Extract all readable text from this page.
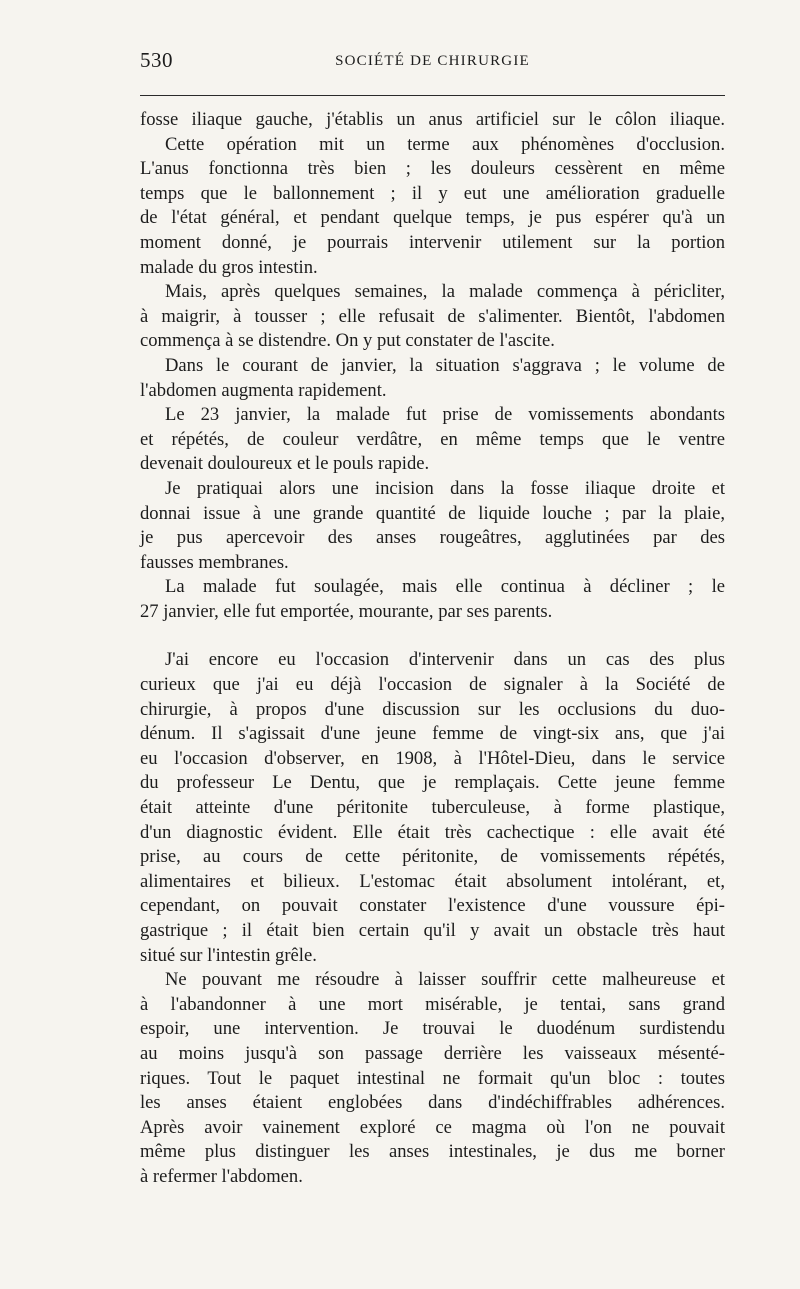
530	SOCIÉTÉ DE CHIRURGIE
fosse iliaque gauche, j'établis un anus artificiel sur le côlon iliaque.
Cette opération mit un terme aux phénomènes d'occlusion.
L'anus fonctionna très bien ; les douleurs cessèrent en même
temps que le ballonnement ; il y eut une amélioration graduelle
de l'état général, et pendant quelque temps, je pus espérer qu'à un
moment donné, je pourrais intervenir utilement sur la portion
malade du gros intestin.
Mais, après quelques semaines, la malade commença à péricliter,
à maigrir, à tousser ; elle refusait de s'alimenter. Bientôt, l'abdomen
commença à se distendre. On y put constater de l'ascite.
Dans le courant de janvier, la situation s'aggrava ; le volume de
l'abdomen augmenta rapidement.
Le 23 janvier, la malade fut prise de vomissements abondants
et répétés, de couleur verdâtre, en même temps que le ventre
devenait douloureux et le pouls rapide.
Je pratiquai alors une incision dans la fosse iliaque droite et
donnai issue à une grande quantité de liquide louche ; par la plaie,
je pus apercevoir des anses rougeâtres, agglutinées par des
fausses membranes.
La malade fut soulagée, mais elle continua à décliner ; le
27 janvier, elle fut emportée, mourante, par ses parents.
J'ai encore eu l'occasion d'intervenir dans un cas des plus
curieux que j'ai eu déjà l'occasion de signaler à la Société de
chirurgie, à propos d'une discussion sur les occlusions du duo-
dénum. Il s'agissait d'une jeune femme de vingt-six ans, que j'ai
eu l'occasion d'observer, en 1908, à l'Hôtel-Dieu, dans le service
du professeur Le Dentu, que je remplaçais. Cette jeune femme
était atteinte d'une péritonite tuberculeuse, à forme plastique,
d'un diagnostic évident. Elle était très cachectique : elle avait été
prise, au cours de cette péritonite, de vomissements répétés,
alimentaires et bilieux. L'estomac était absolument intolérant, et,
cependant, on pouvait constater l'existence d'une voussure épi-
gastrique ; il était bien certain qu'il y avait un obstacle très haut
situé sur l'intestin grêle.
Ne pouvant me résoudre à laisser souffrir cette malheureuse et
à l'abandonner à une mort misérable, je tentai, sans grand
espoir, une intervention. Je trouvai le duodénum surdistendu
au moins jusqu'à son passage derrière les vaisseaux mésenté-
riques. Tout le paquet intestinal ne formait qu'un bloc : toutes
les anses étaient englobées dans d'indéchiffrables adhérences.
Après avoir vainement exploré ce magma où l'on ne pouvait
même plus distinguer les anses intestinales, je dus me borner
à refermer l'abdomen.
